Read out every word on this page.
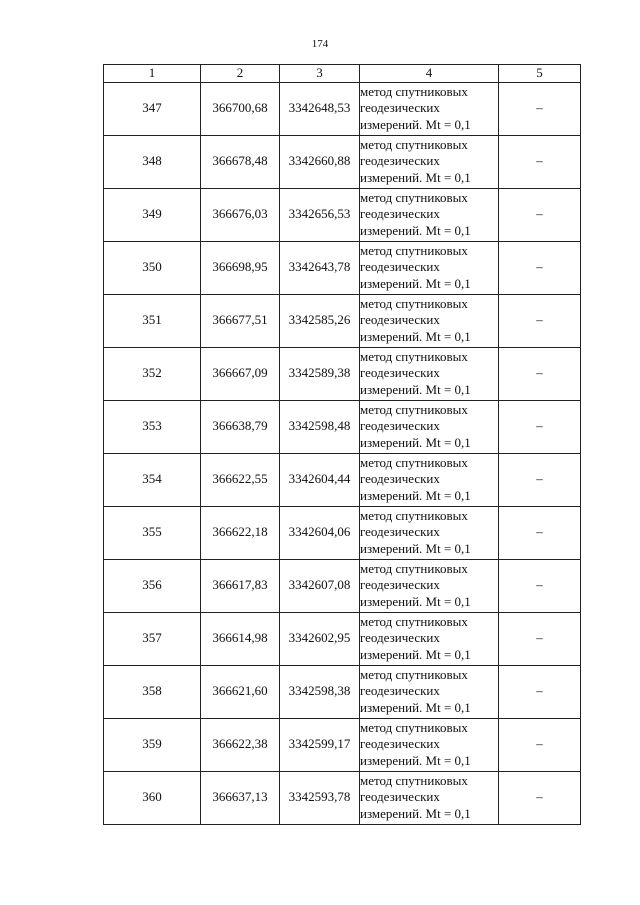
174
1	2	3	4	5
347	366700,68	3342648,53	метод спутниковых
геодезических
измерений. Mt = 0,1	–
348	366678,48	3342660,88	метод спутниковых
геодезических
измерений. Mt = 0,1	–
349	366676,03	3342656,53	метод спутниковых
геодезических
измерений. Mt = 0,1	–
350	366698,95	3342643,78	метод спутниковых
геодезических
измерений. Mt = 0,1	–
351	366677,51	3342585,26	метод спутниковых
геодезических
измерений. Mt = 0,1	–
352	366667,09	3342589,38	метод спутниковых
геодезических
измерений. Mt = 0,1	–
353	366638,79	3342598,48	метод спутниковых
геодезических
измерений. Mt = 0,1	–
354	366622,55	3342604,44	метод спутниковых
геодезических
измерений. Mt = 0,1	–
355	366622,18	3342604,06	метод спутниковых
геодезических
измерений. Mt = 0,1	–
356	366617,83	3342607,08	метод спутниковых
геодезических
измерений. Mt = 0,1	–
357	366614,98	3342602,95	метод спутниковых
геодезических
измерений. Mt = 0,1	–
358	366621,60	3342598,38	метод спутниковых
геодезических
измерений. Mt = 0,1	–
359	366622,38	3342599,17	метод спутниковых
геодезических
измерений. Mt = 0,1	–
360	366637,13	3342593,78	метод спутниковых
геодезических
измерений. Mt = 0,1	–
